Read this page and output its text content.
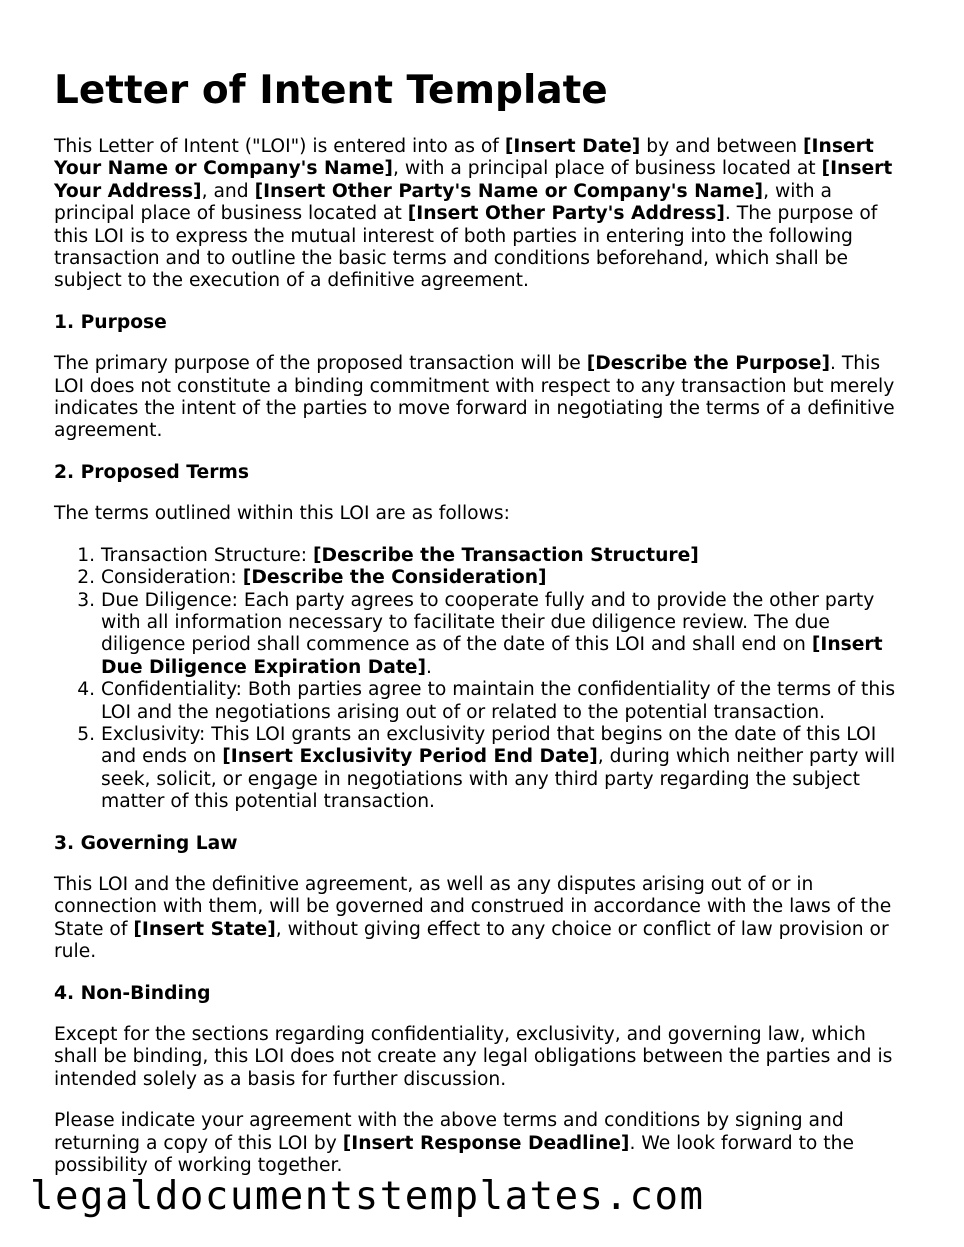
Letter of Intent Template

This Letter of Intent ("LOI") is entered into as of [Insert Date] by and between [Insert Your Name or Company's Name], with a principal place of business located at [Insert Your Address], and [Insert Other Party's Name or Company's Name], with a principal place of business located at [Insert Other Party's Address]. The purpose of this LOI is to express the mutual interest of both parties in entering into the following transaction and to outline the basic terms and conditions beforehand, which shall be subject to the execution of a definitive agreement.

1. Purpose

The primary purpose of the proposed transaction will be [Describe the Purpose]. This LOI does not constitute a binding commitment with respect to any transaction but merely indicates the intent of the parties to move forward in negotiating the terms of a definitive agreement.

2. Proposed Terms

The terms outlined within this LOI are as follows:

1. Transaction Structure: [Describe the Transaction Structure]
2. Consideration: [Describe the Consideration]
3. Due Diligence: Each party agrees to cooperate fully and to provide the other party with all information necessary to facilitate their due diligence review. The due diligence period shall commence as of the date of this LOI and shall end on [Insert Due Diligence Expiration Date].
4. Confidentiality: Both parties agree to maintain the confidentiality of the terms of this LOI and the negotiations arising out of or related to the potential transaction.
5. Exclusivity: This LOI grants an exclusivity period that begins on the date of this LOI and ends on [Insert Exclusivity Period End Date], during which neither party will seek, solicit, or engage in negotiations with any third party regarding the subject matter of this potential transaction.
3. Governing Law

This LOI and the definitive agreement, as well as any disputes arising out of or in connection with them, will be governed and construed in accordance with the laws of the State of [Insert State], without giving effect to any choice or conflict of law provision or rule.

4. Non-Binding

Except for the sections regarding confidentiality, exclusivity, and governing law, which shall be binding, this LOI does not create any legal obligations between the parties and is intended solely as a basis for further discussion.

Please indicate your agreement with the above terms and conditions by signing and returning a copy of this LOI by [Insert Response Deadline]. We look forward to the possibility of working together.

legaldocumentstemplates.com
